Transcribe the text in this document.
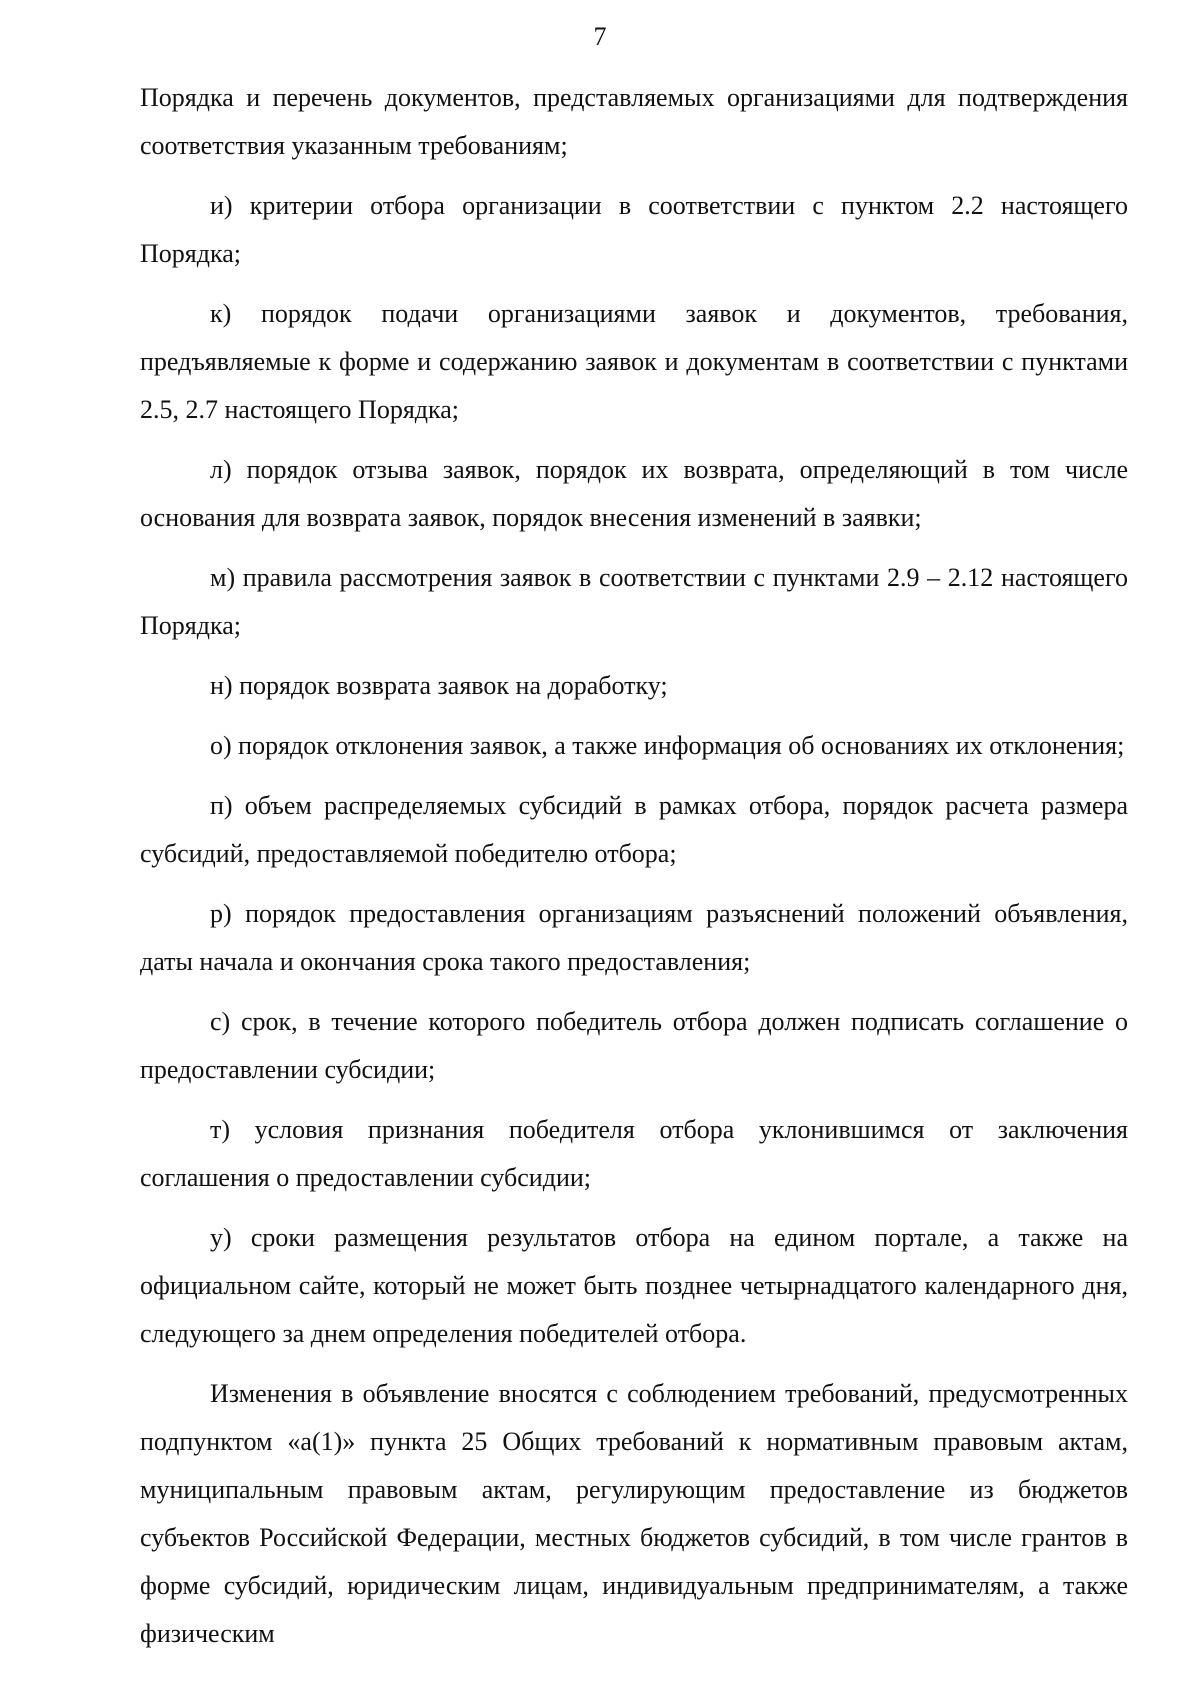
7

Порядка и перечень документов, представляемых организациями для подтверждения соответствия указанным требованиям;

и) критерии отбора организации в соответствии с пунктом 2.2 настоящего Порядка;

к) порядок подачи организациями заявок и документов, требования, предъявляемые к форме и содержанию заявок и документам в соответствии с пунктами 2.5, 2.7 настоящего Порядка;

л) порядок отзыва заявок, порядок их возврата, определяющий в том числе основания для возврата заявок, порядок внесения изменений в заявки;

м) правила рассмотрения заявок в соответствии с пунктами 2.9 – 2.12 настоящего Порядка;

н) порядок возврата заявок на доработку;

о) порядок отклонения заявок, а также информация об основаниях их отклонения;

п) объем распределяемых субсидий в рамках отбора, порядок расчета размера субсидий, предоставляемой победителю отбора;

р) порядок предоставления организациям разъяснений положений объявления, даты начала и окончания срока такого предоставления;

с) срок, в течение которого победитель отбора должен подписать соглашение о предоставлении субсидии;

т) условия признания победителя отбора уклонившимся от заключения соглашения о предоставлении субсидии;

у) сроки размещения результатов отбора на едином портале, а также на официальном сайте, который не может быть позднее четырнадцатого календарного дня, следующего за днем определения победителей отбора.

Изменения в объявление вносятся с соблюдением требований, предусмотренных подпунктом «а(1)» пункта 25 Общих требований к нормативным правовым актам, муниципальным правовым актам, регулирующим предоставление из бюджетов субъектов Российской Федерации, местных бюджетов субсидий, в том числе грантов в форме субсидий, юридическим лицам, индивидуальным предпринимателям, а также физическим
